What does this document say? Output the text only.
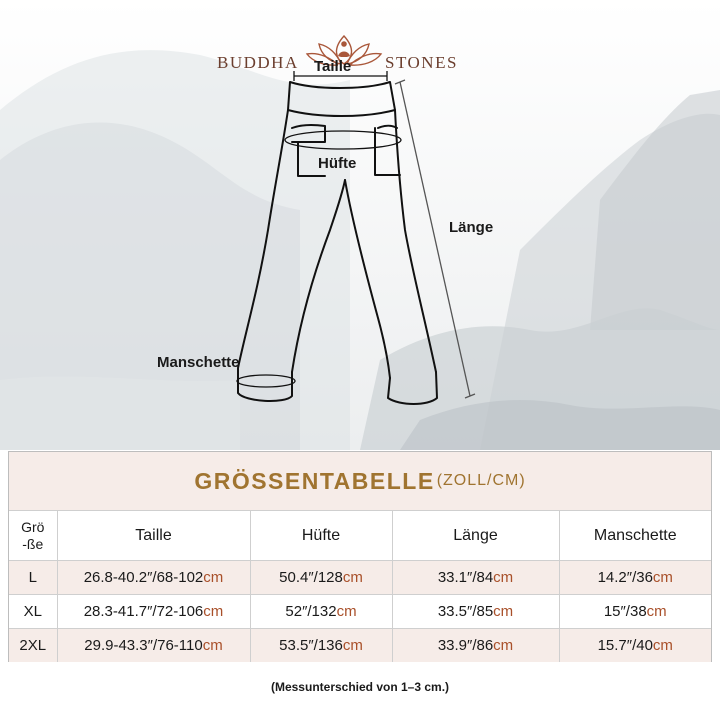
BUDDHA	STONES
Taille
Hüfte
Länge
Manschette
GRÖSSENTABELLE (ZOLL/CM)
Grö
-ße	Taille	Hüfte	Länge	Manschette
L	26.8-40.2″/68-102cm	50.4″/128cm	33.1″/84cm	14.2″/36cm
XL	28.3-41.7″/72-106cm	52″/132cm	33.5″/85cm	15″/38cm
2XL	29.9-43.3″/76-110cm	53.5″/136cm	33.9″/86cm	15.7″/40cm
(Messunterschied von 1–3 cm.)
